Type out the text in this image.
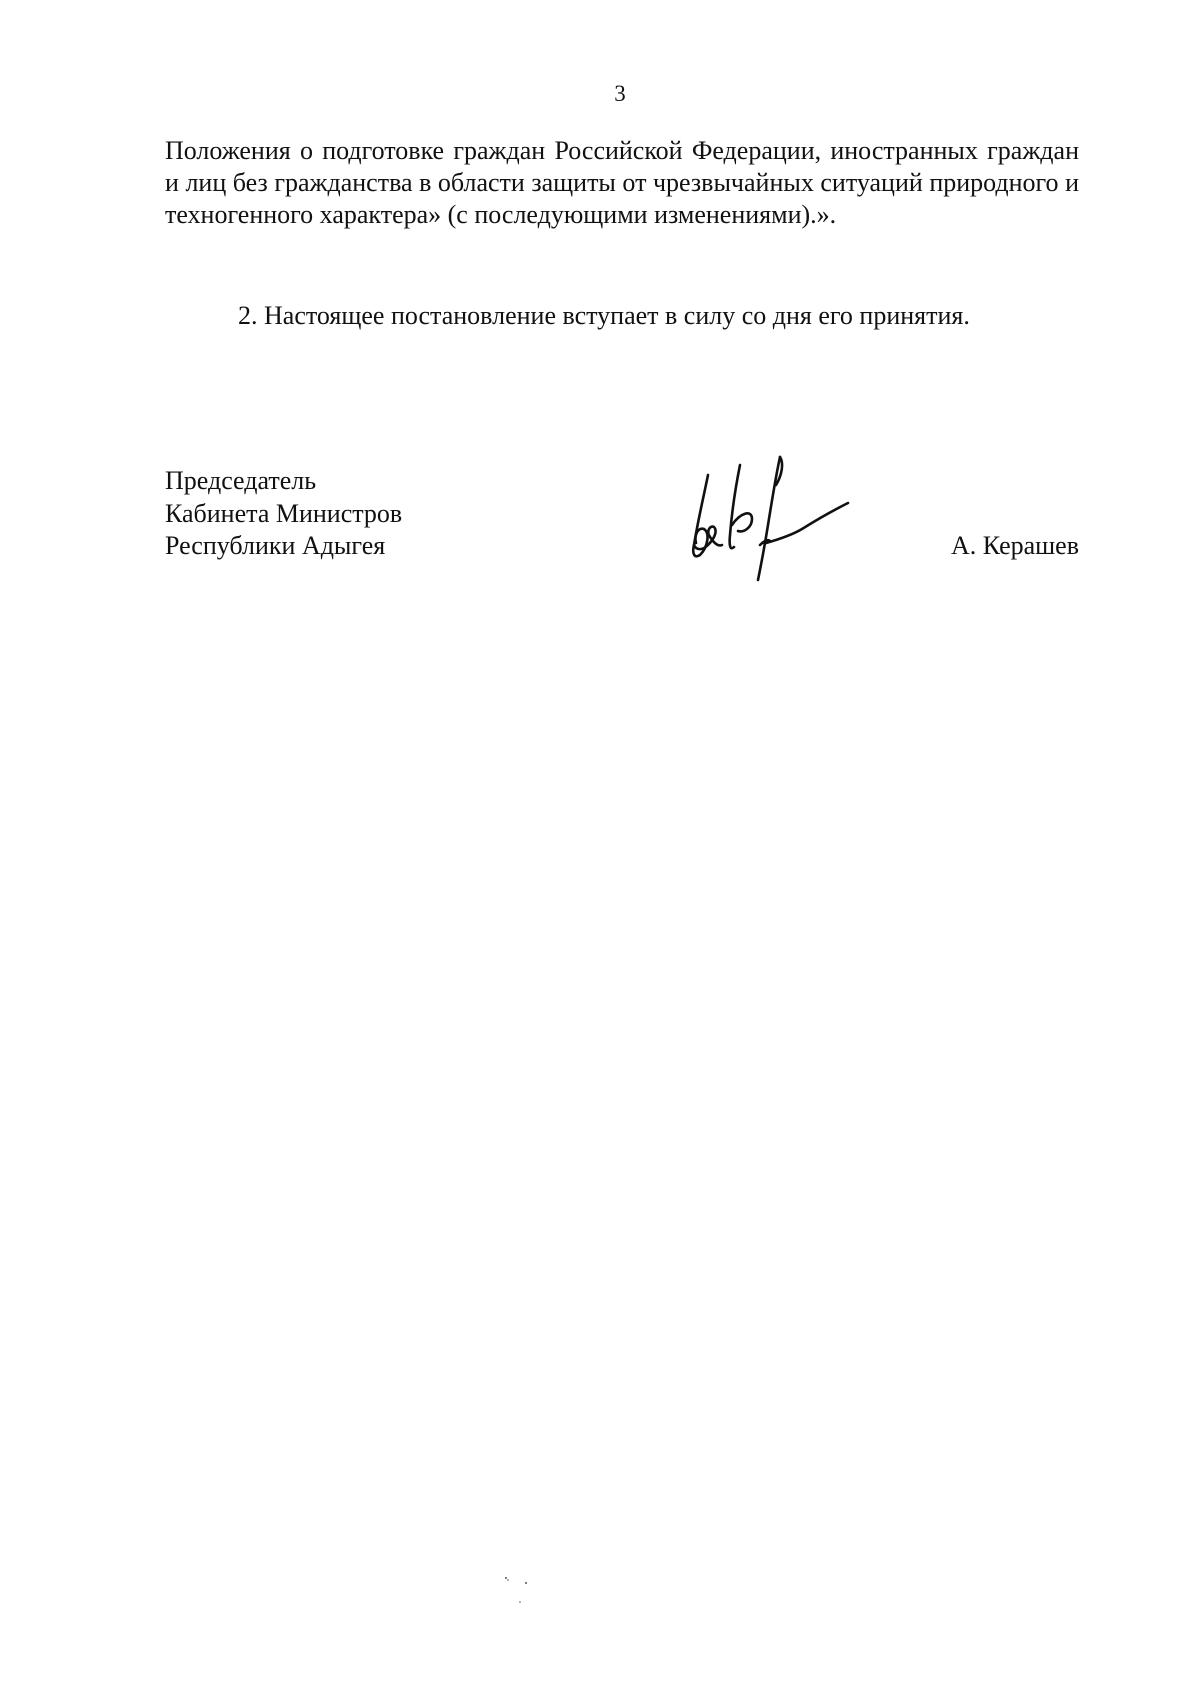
3

Положения о подготовке граждан Российской Федерации, иностранных граждан и лиц без гражданства в области защиты от чрезвычайных ситуаций природного и техногенного характера» (с последующими изменениями).».

2. Настоящее постановление вступает в силу со дня его принятия.

Председатель
Кабинета Министров
Республики Адыгея	А. Керашев
